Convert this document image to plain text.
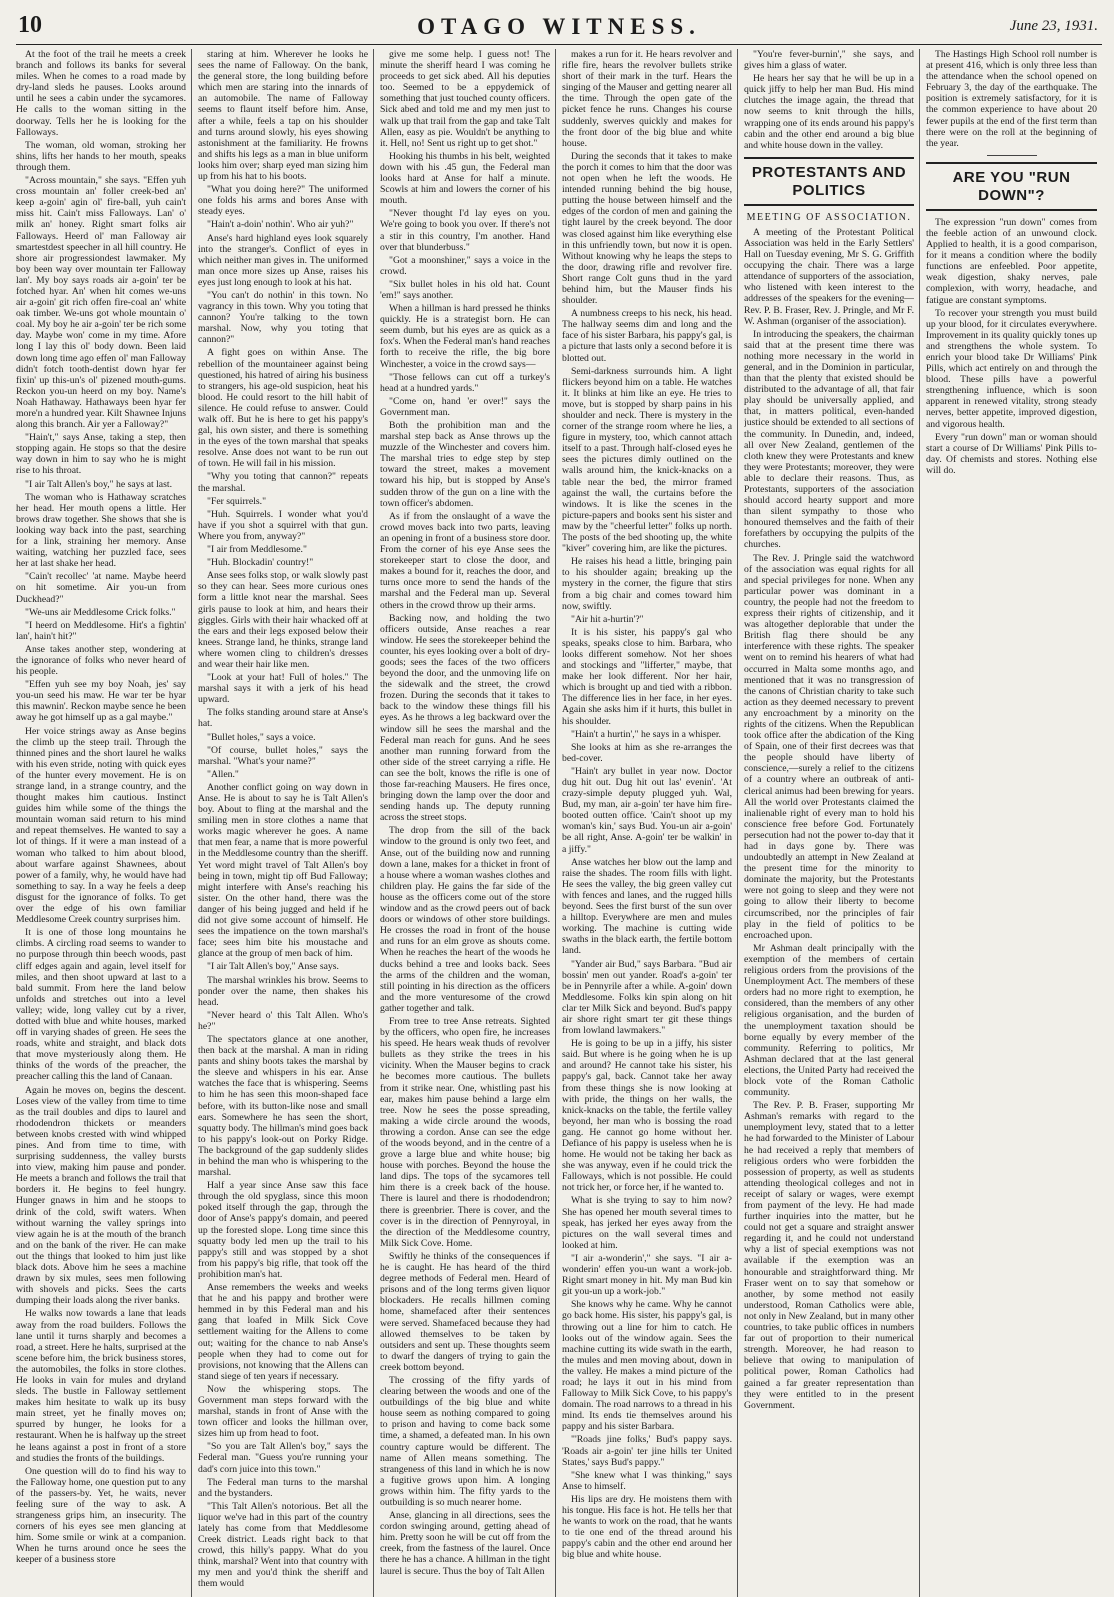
10	OTAGO WITNESS.	June 23, 1931.

At the foot of the trail he meets a creek branch and follows its banks for several miles. When he comes to a road made by dry-land sleds he pauses. Looks around until he sees a cabin under the sycamores. He calls to the woman sitting in the doorway. Tells her he is looking for the Falloways.

The woman, old woman, stroking her shins, lifts her hands to her mouth, speaks through them.

"Across mountain," she says. "Effen yuh cross mountain an' foller creek-bed an' keep a-goin' agin ol' fire-ball, yuh cain't miss hit. Cain't miss Falloways. Lan' o' milk an' honey. Right smart folks air Falloways. Heerd ol' man Falloway air smartestdest speecher in all hill country. He shore air progressiondest lawmaker. My boy been way over mountain ter Falloway lan'. My boy says roads air a-goin' ter be fotched hyar. An' when hit comes we-uns air a-goin' git rich offen fire-coal an' white oak timber. We-uns got whole mountain o' coal. My boy he air a-goin' ter be rich some day. Maybe won' come in my time. Afore long I lay this ol' body down. Been laid down long time ago effen ol' man Falloway didn't fotch tooth-dentist down hyar fer fixin' up this-un's ol' pizened mouth-gums. Reckon you-un heerd on my boy. Name's Noah Hathaway. Hathaways been hyar fer more'n a hundred year. Kilt Shawnee Injuns along this branch. Air yer a Falloway?"

"Hain't," says Anse, taking a step, then stopping again. He stops so that the desire way down in him to say who he is might rise to his throat.

"I air Talt Allen's boy," he says at last.

The woman who is Hathaway scratches her head. Her mouth opens a little. Her brows draw together. She shows that she is looking way back into the past, searching for a link, straining her memory. Anse waiting, watching her puzzled face, sees her at last shake her head.

"Cain't recollec' 'at name. Maybe heerd on hit sometime. Air you-un from Duckhead?"

"We-uns air Meddlesome Crick folks."

"I heerd on Meddlesome. Hit's a fightin' lan', hain't hit?"

Anse takes another step, wondering at the ignorance of folks who never heard of his people.

"Effen yuh see my boy Noah, jes' say you-un seed his maw. He war ter be hyar this mawnin'. Reckon maybe sence he been away he got himself up as a gal maybe."

Her voice strings away as Anse begins the climb up the steep trail. Through the thinned pines and the short laurel he walks with his even stride, noting with quick eyes of the hunter every movement. He is on strange land, in a strange country, and the thought makes him cautious. Instinct guides him while some of the things the mountain woman said return to his mind and repeat themselves. He wanted to say a lot of things. If it were a man instead of a woman who talked to him about blood, about warfare against Shawnees, about power of a family, why, he would have had something to say. In a way he feels a deep disgust for the ignorance of folks. To get over the edge of his own familiar Meddlesome Creek country surprises him.

It is one of those long mountains he climbs. A circling road seems to wander to no purpose through thin beech woods, past cliff edges again and again, level itself for miles, and then shoot upward at last to a bald summit. From here the land below unfolds and stretches out into a level valley; wide, long valley cut by a river, dotted with blue and white houses, marked off in varying shades of green. He sees the roads, white and straight, and black dots that move mysteriously along them. He thinks of the words of the preacher, the preacher calling this the land of Canaan.

Again he moves on, begins the descent. Loses view of the valley from time to time as the trail doubles and dips to laurel and rhododendron thickets or meanders between knobs crested with wind whipped pines. And from time to time, with surprising suddenness, the valley bursts into view, making him pause and ponder. He meets a branch and follows the trail that borders it. He begins to feel hungry. Hunger gnaws in him and he stoops to drink of the cold, swift waters. When without warning the valley springs into view again he is at the mouth of the branch and on the bank of the river. He can make out the things that looked to him just like black dots. Above him he sees a machine drawn by six mules, sees men following with shovels and picks. Sees the carts dumping their loads along the river banks.

He walks now towards a lane that leads away from the road builders. Follows the lane until it turns sharply and becomes a road, a street. Here he halts, surprised at the scene before him, the brick business stores, the automobiles, the folks in store clothes. He looks in vain for mules and dryland sleds. The bustle in Falloway settlement makes him hesitate to walk up its busy main street, yet he finally moves on; spurred by hunger, he looks for a restaurant. When he is halfway up the street he leans against a post in front of a store and studies the fronts of the buildings.

One question will do to find his way to the Falloway home, one question put to any of the passers-by. Yet, he waits, never feeling sure of the way to ask. A strangeness grips him, an insecurity. The corners of his eyes see men glancing at him. Some smile or wink at a companion. When he turns around once he sees the keeper of a business store

staring at him. Wherever he looks he sees the name of Falloway. On the bank, the general store, the long building before which men are staring into the innards of an automobile. The name of Falloway seems to flaunt itself before him. Anse, after a while, feels a tap on his shoulder and turns around slowly, his eyes showing astonishment at the familiarity. He frowns and shifts his legs as a man in blue uniform looks him over; sharp eyed man sizing him up from his hat to his boots.

"What you doing here?" The uniformed one folds his arms and bores Anse with steady eyes.

"Hain't a-doin' nothin'. Who air yuh?"

Anse's hard highland eyes look squarely into the stranger's. Conflict of eyes in which neither man gives in. The uniformed man once more sizes up Anse, raises his eyes just long enough to look at his hat.

"You can't do nothin' in this town. No vagrancy in this town. Why you toting that cannon? You're talking to the town marshal. Now, why you toting that cannon?"

A fight goes on within Anse. The rebellion of the mountaineer against being questioned, his hatred of airing his business to strangers, his age-old suspicion, heat his blood. He could resort to the hill habit of silence. He could refuse to answer. Could walk off. But he is here to get his pappy's gal, his own sister, and there is something in the eyes of the town marshal that speaks resolve. Anse does not want to be run out of town. He will fail in his mission.

"Why you toting that cannon?" repeats the marshal.

"Fer squirrels."

"Huh. Squirrels. I wonder what you'd have if you shot a squirrel with that gun. Where you from, anyway?"

"I air from Meddlesome."

"Huh. Blockadin' country!"

Anse sees folks stop, or walk slowly past so they can hear. Sees more curious ones form a little knot near the marshal. Sees girls pause to look at him, and hears their giggles. Girls with their hair whacked off at the ears and their legs exposed below their knees. Strange land, he thinks, strange land where women cling to children's dresses and wear their hair like men.

"Look at your hat! Full of holes." The marshal says it with a jerk of his head upward.

The folks standing around stare at Anse's hat.

"Bullet holes," says a voice.

"Of course, bullet holes," says the marshal. "What's your name?"

"Allen."

Another conflict going on way down in Anse. He is about to say he is Talt Allen's boy. About to fling at the marshal and the smiling men in store clothes a name that works magic wherever he goes. A name that men fear, a name that is more powerful in the Meddlesome country than the sheriff. Yet word might travel of Talt Allen's boy being in town, might tip off Bud Falloway; might interfere with Anse's reaching his sister. On the other hand, there was the danger of his being jugged and held if he did not give some account of himself. He sees the impatience on the town marshal's face; sees him bite his moustache and glance at the group of men back of him.

"I air Talt Allen's boy," Anse says.

The marshal wrinkles his brow. Seems to ponder over the name, then shakes his head.

"Never heard o' this Talt Allen. Who's he?"

The spectators glance at one another, then back at the marshal. A man in riding pants and shiny boots takes the marshal by the sleeve and whispers in his ear. Anse watches the face that is whispering. Seems to him he has seen this moon-shaped face before, with its button-like nose and small ears. Somewhere he has seen the short, squatty body. The hillman's mind goes back to his pappy's look-out on Porky Ridge. The background of the gap suddenly slides in behind the man who is whispering to the marshal.

Half a year since Anse saw this face through the old spyglass, since this moon poked itself through the gap, through the door of Anse's pappy's domain, and peered up the forested slope. Long time since this squatty body led men up the trail to his pappy's still and was stopped by a shot from his pappy's big rifle, that took off the prohibition man's hat.

Anse remembers the weeks and weeks that he and his pappy and brother were hemmed in by this Federal man and his gang that loafed in Milk Sick Cove settlement waiting for the Allens to come out; waiting for the chance to nab Anse's people when they had to come out for provisions, not knowing that the Allens can stand siege of ten years if necessary.

Now the whispering stops. The Government man steps forward with the marshal, stands in front of Anse with the town officer and looks the hillman over, sizes him up from head to foot.

"So you are Talt Allen's boy," says the Federal man. "Guess you're running your dad's corn juice into this town."

The Federal man turns to the marshal and the bystanders.

"This Talt Allen's notorious. Bet all the liquor we've had in this part of the country lately has come from that Meddlesome Creek district. Leads right back to that crowd, this hilly's pappy. What do you think, marshal? Went into that country with my men and you'd think the sheriff and them would

give me some help. I guess not! The minute the sheriff heard I was coming he proceeds to get sick abed. All his deputies too. Seemed to be a eppydemick of something that just touched county officers. Sick abed and told me and my men just to walk up that trail from the gap and take Talt Allen, easy as pie. Wouldn't be anything to it. Hell, no! Sent us right up to get shot."

Hooking his thumbs in his belt, weighted down with his .45 gun, the Federal man looks hard at Anse for half a minute. Scowls at him and lowers the corner of his mouth.

"Never thought I'd lay eyes on you. We're going to book you over. If there's not a stir in this country, I'm another. Hand over that blunderbuss."

"Got a moonshiner," says a voice in the crowd.

"Six bullet holes in his old hat. Count 'em!" says another.

When a hillman is hard pressed he thinks quickly. He is a strategist born. He can seem dumb, but his eyes are as quick as a fox's. When the Federal man's hand reaches forth to receive the rifle, the big bore Winchester, a voice in the crowd says—

"Those fellows can cut off a turkey's head at a hundred yards."

"Come on, hand 'er over!" says the Government man.

Both the prohibition man and the marshal step back as Anse throws up the muzzle of the Winchester and covers him. The marshal tries to edge step by step toward the street, makes a movement toward his hip, but is stopped by Anse's sudden throw of the gun on a line with the town officer's abdomen.

As if from the onslaught of a wave the crowd moves back into two parts, leaving an opening in front of a business store door. From the corner of his eye Anse sees the storekeeper start to close the door, and makes a bound for it, reaches the door, and turns once more to send the hands of the marshal and the Federal man up. Several others in the crowd throw up their arms.

Backing now, and holding the two officers outside, Anse reaches a rear window. He sees the storekeeper behind the counter, his eyes looking over a bolt of dry-goods; sees the faces of the two officers beyond the door, and the unmoving life on the sidewalk and the street, the crowd frozen. During the seconds that it takes to back to the window these things fill his eyes. As he throws a leg backward over the window sill he sees the marshal and the Federal man reach for guns. And he sees another man running forward from the other side of the street carrying a rifle. He can see the bolt, knows the rifle is one of those far-reaching Mausers. He fires once, bringing down the lamp over the door and sending hands up. The deputy running across the street stops.

The drop from the sill of the back window to the ground is only two feet, and Anse, out of the building now and running down a lane, makes for a thicket in front of a house where a woman washes clothes and children play. He gains the far side of the house as the officers come out of the store window and as the crowd peers out of back doors or windows of other store buildings. He crosses the road in front of the house and runs for an elm grove as shouts come. When he reaches the heart of the woods he ducks behind a tree and looks back. Sees the arms of the children and the woman, still pointing in his direction as the officers and the more venturesome of the crowd gather together and talk.

From tree to tree Anse retreats. Sighted by the officers, who open fire, he increases his speed. He hears weak thuds of revolver bullets as they strike the trees in his vicinity. When the Mauser begins to crack he becomes more cautious. The bullets from it strike near. One, whistling past his ear, makes him pause behind a large elm tree. Now he sees the posse spreading, making a wide circle around the woods, throwing a cordon. Anse can see the edge of the woods beyond, and in the centre of a grove a large blue and white house; big house with porches. Beyond the house the land dips. The tops of the sycamores tell him there is a creek back of the house. There is laurel and there is rhododendron; there is greenbrier. There is cover, and the cover is in the direction of Pennyroyal, in the direction of the Meddlesome country, Milk Sick Cove. Home.

Swiftly he thinks of the consequences if he is caught. He has heard of the third degree methods of Federal men. Heard of prisons and of the long terms given liquor blockaders. He recalls hillmen coming home, shamefaced after their sentences were served. Shamefaced because they had allowed themselves to be taken by outsiders and sent up. These thoughts seem to dwarf the dangers of trying to gain the creek bottom beyond.

The crossing of the fifty yards of clearing between the woods and one of the outbuildings of the big blue and white house seem as nothing compared to going to prison and having to come back some time, a shamed, a defeated man. In his own country capture would be different. The name of Allen means something. The strangeness of this land in which he is now a fugitive grows upon him. A longing grows within him. The fifty yards to the outbuilding is so much nearer home.

Anse, glancing in all directions, sees the cordon swinging around, getting ahead of him. Pretty soon he will be cut off from the creek, from the fastness of the laurel. Once there he has a chance. A hillman in the tight laurel is secure. Thus the boy of Talt Allen

makes a run for it. He hears revolver and rifle fire, hears the revolver bullets strike short of their mark in the turf. Hears the singing of the Mauser and getting nearer all the time. Through the open gate of the picket fence he runs. Changes his course suddenly, swerves quickly and makes for the front door of the big blue and white house.

During the seconds that it takes to make the porch it comes to him that the door was not open when he left the woods. He intended running behind the big house, putting the house between himself and the edges of the cordon of men and gaining the tight laurel by the creek beyond. The door was closed against him like everything else in this unfriendly town, but now it is open. Without knowing why he leaps the steps to the door, drawing rifle and revolver fire. Short range Colt guns thud in the yard behind him, but the Mauser finds his shoulder.

A numbness creeps to his neck, his head. The hallway seems dim and long and the face of his sister Barbara, his pappy's gal, is a picture that lasts only a second before it is blotted out.

Semi-darkness surrounds him. A light flickers beyond him on a table. He watches it. It blinks at him like an eye. He tries to move, but is stopped by sharp pains in his shoulder and neck. There is mystery in the corner of the strange room where he lies, a figure in mystery, too, which cannot attach itself to a past. Through half-closed eyes he sees the pictures dimly outlined on the walls around him, the knick-knacks on a table near the bed, the mirror framed against the wall, the curtains before the windows. It is like the scenes in the picture-papers and books sent his sister and maw by the "cheerful letter" folks up north. The posts of the bed shooting up, the white "kiver" covering him, are like the pictures.

He raises his head a little, bringing pain to his shoulder again; breaking up the mystery in the corner, the figure that stirs from a big chair and comes toward him now, swiftly.

"Air hit a-hurtin'?"

It is his sister, his pappy's gal who speaks, speaks close to him. Barbara, who looks different somehow. Not her shoes and stockings and "lifferter," maybe, that make her look different. Nor her hair, which is brought up and tied with a ribbon. The difference lies in her face, in her eyes. Again she asks him if it hurts, this bullet in his shoulder.

"Hain't a hurtin'," he says in a whisper.

She looks at him as she re-arranges the bed-cover.

"Hain't ary bullet in year now. Doctor dug hit out. Dug hit out las' evenin'. 'At crazy-simple deputy plugged yuh. Wal, Bud, my man, air a-goin' ter have him fire-booted outten office. 'Cain't shoot up my woman's kin,' says Bud. You-un air a-goin' be all right, Anse. A-goin' ter be walkin' in a jiffy."

Anse watches her blow out the lamp and raise the shades. The room fills with light. He sees the valley, the big green valley cut with fences and lanes, and the rugged hills beyond. Sees the first burst of the sun over a hilltop. Everywhere are men and mules working. The machine is cutting wide swaths in the black earth, the fertile bottom land.

"Yander air Bud," says Barbara. "Bud air bossin' men out yander. Road's a-goin' ter be in Pennyrile after a while. A-goin' down Meddlesome. Folks kin spin along on hit clar ter Milk Sick and beyond. Bud's pappy air shore right smart ter git these things from lowland lawmakers."

He is going to be up in a jiffy, his sister said. But where is he going when he is up and around? He cannot take his sister, his pappy's gal, back. Cannot take her away from these things she is now looking at with pride, the things on her walls, the knick-knacks on the table, the fertile valley beyond, her man who is bossing the road gang. He cannot go home without her. Defiance of his pappy is useless when he is home. He would not be taking her back as she was anyway, even if he could trick the Falloways, which is not possible. He could not trick her, or force her, if he wanted to.

What is she trying to say to him now? She has opened her mouth several times to speak, has jerked her eyes away from the pictures on the wall several times and looked at him.

"I air a-wonderin'," she says. "I air a-wonderin' effen you-un want a work-job. Right smart money in hit. My man Bud kin git you-un up a work-job."

She knows why he came. Why he cannot go back home. His sister, his pappy's gal, is throwing out a line for him to catch. He looks out of the window again. Sees the machine cutting its wide swath in the earth, the mules and men moving about, down in the valley. He makes a mind picture of the road; he lays it out in his mind from Falloway to Milk Sick Cove, to his pappy's domain. The road narrows to a thread in his mind. Its ends tie themselves around his pappy and his sister Barbara.

"'Roads jine folks,' Bud's pappy says. 'Roads air a-goin' ter jine hills ter United States,' says Bud's pappy."

"She knew what I was thinking," says Anse to himself.

His lips are dry. He moistens them with his tongue. His face is hot. He tells her that he wants to work on the road, that he wants to tie one end of the thread around his pappy's cabin and the other end around her big blue and white house.

"You're fever-burnin'," she says, and gives him a glass of water.

He hears her say that he will be up in a quick jiffy to help her man Bud. His mind clutches the image again, the thread that now seems to knit through the hills, wrapping one of its ends around his pappy's cabin and the other end around a big blue and white house down in the valley.

PROTESTANTS AND POLITICS
MEETING OF ASSOCIATION.

A meeting of the Protestant Political Association was held in the Early Settlers' Hall on Tuesday evening, Mr S. G. Griffith occupying the chair. There was a large attendance of supporters of the association, who listened with keen interest to the addresses of the speakers for the evening—Rev. P. B. Fraser, Rev. J. Pringle, and Mr F. W. Ashman (organiser of the association).

In introducing the speakers, the chairman said that at the present time there was nothing more necessary in the world in general, and in the Dominion in particular, than that the plenty that existed should be distributed to the advantage of all, that fair play should be universally applied, and that, in matters political, even-handed justice should be extended to all sections of the community. In Dunedin, and, indeed, all over New Zealand, gentlemen of the cloth knew they were Protestants and knew they were Protestants; moreover, they were able to declare their reasons. Thus, as Protestants, supporters of the association should accord hearty support and more than silent sympathy to those who honoured themselves and the faith of their forefathers by occupying the pulpits of the churches.

The Rev. J. Pringle said the watchword of the association was equal rights for all and special privileges for none. When any particular power was dominant in a country, the people had not the freedom to express their rights of citizenship, and it was altogether deplorable that under the British flag there should be any interference with these rights. The speaker went on to remind his hearers of what had occurred in Malta some months ago, and mentioned that it was no transgression of the canons of Christian charity to take such action as they deemed necessary to prevent any encroachment by a minority on the rights of the citizens. When the Republican took office after the abdication of the King of Spain, one of their first decrees was that the people should have liberty of conscience,—surely a relief to the citizens of a country where an outbreak of anti-clerical animus had been brewing for years. All the world over Protestants claimed the inalienable right of every man to hold his conscience free before God. Fortunately persecution had not the power to-day that it had in days gone by. There was undoubtedly an attempt in New Zealand at the present time for the minority to dominate the majority, but the Protestants were not going to sleep and they were not going to allow their liberty to become circumscribed, nor the principles of fair play in the field of politics to be encroached upon.

Mr Ashman dealt principally with the exemption of the members of certain religious orders from the provisions of the Unemployment Act. The members of these orders had no more right to exemption, he considered, than the members of any other religious organisation, and the burden of the unemployment taxation should be borne equally by every member of the community. Referring to politics, Mr Ashman declared that at the last general elections, the United Party had received the block vote of the Roman Catholic community.

The Rev. P. B. Fraser, supporting Mr Ashman's remarks with regard to the unemployment levy, stated that to a letter he had forwarded to the Minister of Labour he had received a reply that members of religious orders who were forbidden the possession of property, as well as students attending theological colleges and not in receipt of salary or wages, were exempt from payment of the levy. He had made further inquiries into the matter, but he could not get a square and straight answer regarding it, and he could not understand why a list of special exemptions was not available if the exemption was an honourable and straightforward thing. Mr Fraser went on to say that somehow or another, by some method not easily understood, Roman Catholics were able, not only in New Zealand, but in many other countries, to take public offices in numbers far out of proportion to their numerical strength. Moreover, he had reason to believe that owing to manipulation of political power, Roman Catholics had gained a far greater representation than they were entitled to in the present Government.

The Hastings High School roll number is at present 416, which is only three less than the attendance when the school opened on February 3, the day of the earthquake. The position is extremely satisfactory, for it is the common experience to have about 20 fewer pupils at the end of the first term than there were on the roll at the beginning of the year.

ARE YOU "RUN DOWN"?

The expression "run down" comes from the feeble action of an unwound clock. Applied to health, it is a good comparison, for it means a condition where the bodily functions are enfeebled. Poor appetite, weak digestion, shaky nerves, pale complexion, with worry, headache, and fatigue are constant symptoms.

To recover your strength you must build up your blood, for it circulates everywhere. Improvement in its quality quickly tones up and strengthens the whole system. To enrich your blood take Dr Williams' Pink Pills, which act entirely on and through the blood. These pills have a powerful strengthening influence, which is soon apparent in renewed vitality, strong steady nerves, better appetite, improved digestion, and vigorous health.

Every "run down" man or woman should start a course of Dr Williams' Pink Pills to-day. Of chemists and stores. Nothing else will do.
